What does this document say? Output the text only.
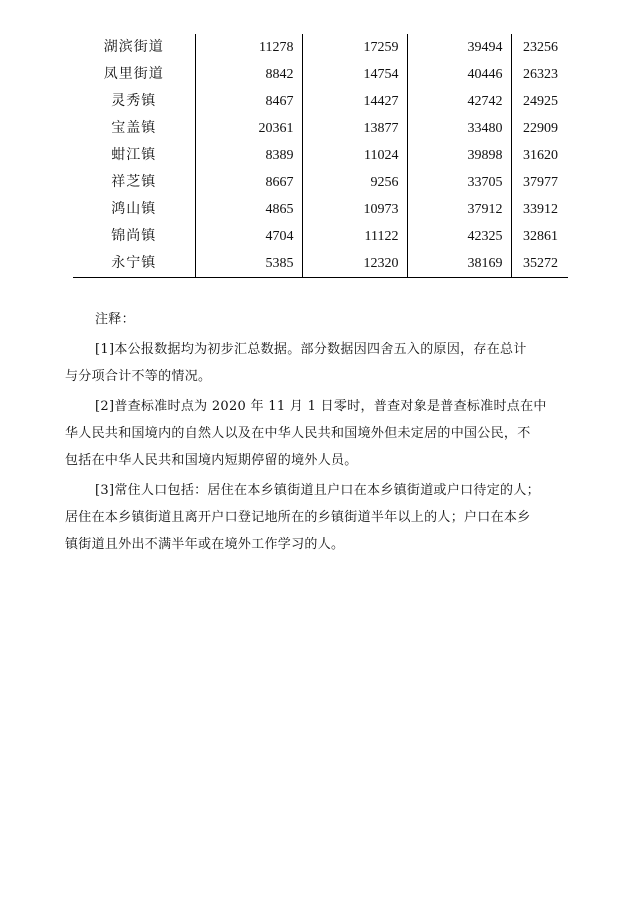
湖滨街道	11278	17259	39494	23256
凤里街道	8842	14754	40446	26323
灵秀镇	8467	14427	42742	24925
宝盖镇	20361	13877	33480	22909
蚶江镇	8389	11024	39898	31620
祥芝镇	8667	9256	33705	37977
鸿山镇	4865	10973	37912	33912
锦尚镇	4704	11122	42325	32861
永宁镇	5385	12320	38169	35272

注释：

[1]本公报数据均为初步汇总数据。部分数据因四舍五入的原因，存在总计
与分项合计不等的情况。
[2]普查标准时点为 2020 年 11 月 1 日零时，普查对象是普查标准时点在中
华人民共和国境内的自然人以及在中华人民共和国境外但未定居的中国公民，不
包括在中华人民共和国境内短期停留的境外人员。
[3]常住人口包括：居住在本乡镇街道且户口在本乡镇街道或户口待定的人；
居住在本乡镇街道且离开户口登记地所在的乡镇街道半年以上的人；户口在本乡
镇街道且外出不满半年或在境外工作学习的人。
